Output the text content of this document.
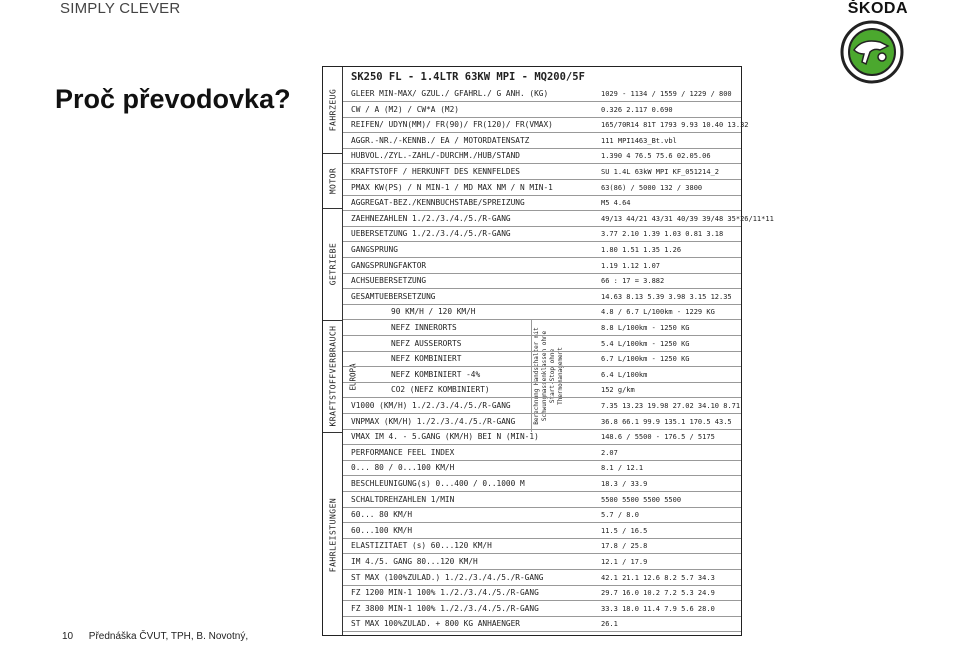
SIMPLY CLEVER	ŠKODA
Proč převodovka?
SK250 FL - 1.4LTR 63KW MPI - MQ200/5F
FAHRZEUG
MOTOR
GETRIEBE
KRAFTSTOFFVERBRAUCH
FAHRLEISTUNGEN
EUROPA	Berechnung Handschalter mit Schwungmassenklassen ohne Start-Stop ohne Thermomanagement
GLEER MIN-MAX/ GZUL./ GFAHRL./ G ANH. (KG)	1029 - 1134 / 1559 / 1229 / 800
CW / A (M2) / CW*A (M2)	0.326 2.117 0.690
REIFEN/ UDYN(MM)/ FR(90)/ FR(120)/ FR(VMAX)	165/70R14 81T 1793 9.93 10.40 13.32
AGGR.-NR./-KENNB./ EA / MOTORDATENSATZ	111 MPI1463_Bt.vbl
HUBVOL./ZYL.-ZAHL/-DURCHM./HUB/STAND	1.390 4 76.5 75.6 02.05.06
KRAFTSTOFF / HERKUNFT DES KENNFELDES	SU 1.4L 63kW MPI KF_051214_2
PMAX KW(PS) / N MIN-1 / MD MAX NM / N MIN-1	63(86) / 5000 132 / 3800
AGGREGAT-BEZ./KENNBUCHSTABE/SPREIZUNG	M5 4.64
ZAEHNEZAHLEN 1./2./3./4./5./R-GANG	49/13 44/21 43/31 40/39 39/48 35*26/11*11
UEBERSETZUNG 1./2./3./4./5./R-GANG	3.77 2.10 1.39 1.03 0.81 3.18
GANGSPRUNG	1.80 1.51 1.35 1.26
GANGSPRUNGFAKTOR	1.19 1.12 1.07
ACHSUEBERSETZUNG	66 : 17 = 3.882
GESAMTUEBERSETZUNG	14.63 8.13 5.39 3.98 3.15 12.35
90 KM/H / 120 KM/H	4.8 / 6.7 L/100km - 1229 KG
NEFZ INNERORTS	8.8 L/100km - 1250 KG
NEFZ AUSSERORTS	5.4 L/100km - 1250 KG
NEFZ KOMBINIERT	6.7 L/100km - 1250 KG
NEFZ KOMBINIERT -4%	6.4 L/100km
CO2 (NEFZ KOMBINIERT)	152 g/km
V1000 (KM/H) 1./2./3./4./5./R-GANG	7.35 13.23 19.98 27.02 34.10 8.71
VNPMAX (KM/H) 1./2./3./4./5./R-GANG	36.8 66.1 99.9 135.1 170.5 43.5
VMAX IM 4. - 5.GANG (KM/H) BEI N (MIN-1)	148.6 / 5500 - 176.5 / 5175
PERFORMANCE FEEL INDEX	2.07
0... 80 / 0...100 KM/H	8.1 / 12.1
BESCHLEUNIGUNG(s) 0...400 / 0..1000 M	18.3 / 33.9
SCHALTDREHZAHLEN 1/MIN	5500 5500 5500 5500
60... 80 KM/H	5.7 / 8.0
60...100 KM/H	11.5 / 16.5
ELASTIZITAET (s) 60...120 KM/H	17.8 / 25.8
IM 4./5. GANG 80...120 KM/H	12.1 / 17.9
ST MAX (100%ZULAD.) 1./2./3./4./5./R-GANG	42.1 21.1 12.6 8.2 5.7 34.3
FZ 1200 MIN-1 100% 1./2./3./4./5./R-GANG	29.7 16.0 10.2 7.2 5.3 24.9
FZ 3800 MIN-1 100% 1./2./3./4./5./R-GANG	33.3 18.0 11.4 7.9 5.6 28.0
ST MAX 100%ZULAD. + 800 KG ANHAENGER	26.1
10 Přednáška ČVUT, TPH, B. Novotný,
